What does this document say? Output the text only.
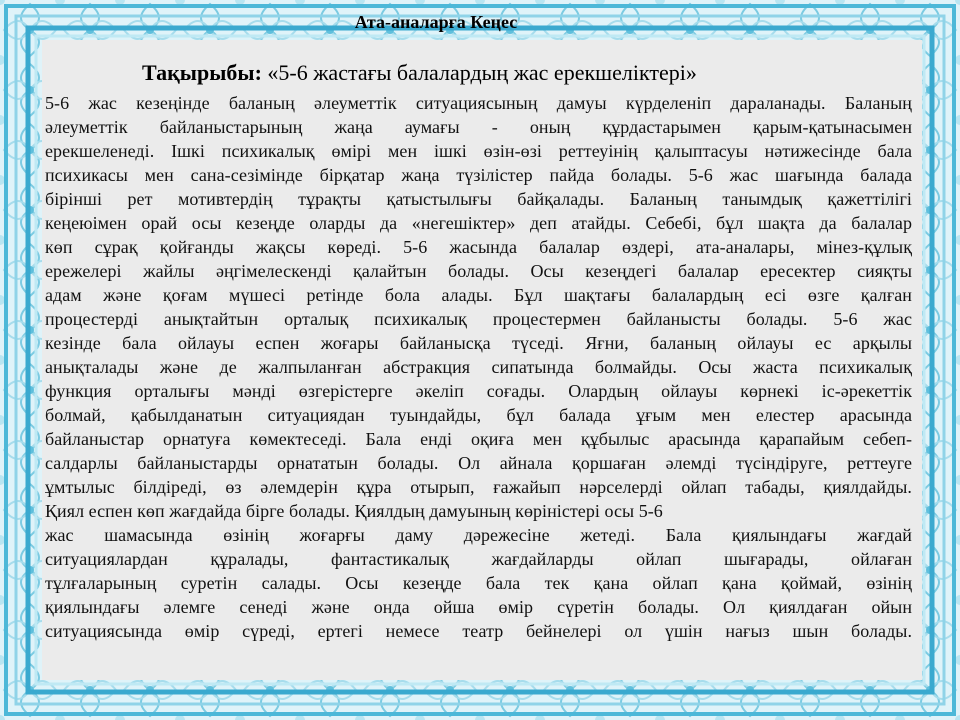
Ата-аналарға Кеңес
Тақырыбы: «5-6 жастағы балалардың жас ерекшеліктері»
5-6 жас кезеңінде баланың әлеуметтік ситуациясының дамуы күрделеніп дараланады. Баланың
әлеуметтік байланыстарының жаңа аумағы - оның құрдастарымен қарым-қатынасымен
ерекшеленеді. Ішкі психикалық өмірі мен ішкі өзін-өзі реттеуінің қалыптасуы нәтижесінде бала
психикасы мен сана-сезімінде бірқатар жаңа түзілістер пайда болады. 5-6 жас шағында балада
бірінші рет мотивтердің тұрақты қатыстылығы байқалады. Баланың танымдық қажеттілігі
кеңеюімен орай осы кезеңде оларды да «негешіктер» деп атайды. Себебі, бұл шақта да балалар
көп сұрақ қойғанды жақсы көреді. 5-6 жасында балалар өздері, ата-аналары, мінез-құлық
ережелері жайлы әңгімелескенді қалайтын болады. Осы кезеңдегі балалар ересектер сияқты
адам және қоғам мүшесі ретінде бола алады. Бұл шақтағы балалардың есі өзге қалған
процестерді анықтайтын орталық психикалық процестермен байланысты болады. 5-6 жас
кезінде бала ойлауы еспен жоғары байланысқа түседі. Яғни, баланың ойлауы ес арқылы
анықталады және де жалпыланған абстракция сипатында болмайды. Осы жаста психикалық
функция орталығы мәнді өзгерістерге әкеліп соғады. Олардың ойлауы көрнекі іс-әрекеттік
болмай, қабылданатын ситуациядан туындайды, бұл балада ұғым мен елестер арасында
байланыстар орнатуға көмектеседі. Бала енді оқиға мен құбылыс арасында қарапайым себеп-
салдарлы байланыстарды орнататын болады. Ол айнала қоршаған әлемді түсіндіруге, реттеуге
ұмтылыс білдіреді, өз әлемдерін құра отырып, ғажайып нәрселерді ойлап табады, қиялдайды.
Қиял еспен көп жағдайда бірге болады. Қиялдың дамуының көріністері осы 5-6
жас шамасында өзінің жоғарғы даму дәрежесіне жетеді. Бала қиялындағы жағдай
ситуациялардан құралады, фантастикалық жағдайларды ойлап шығарады, ойлаған
тұлғаларының суретін салады. Осы кезеңде бала тек қана ойлап қана қоймай, өзінің
қиялындағы әлемге сенеді және онда ойша өмір сүретін болады. Ол қиялдаған ойын
ситуациясында өмір сүреді, ертегі немесе театр бейнелері ол үшін нағыз шын болады.
